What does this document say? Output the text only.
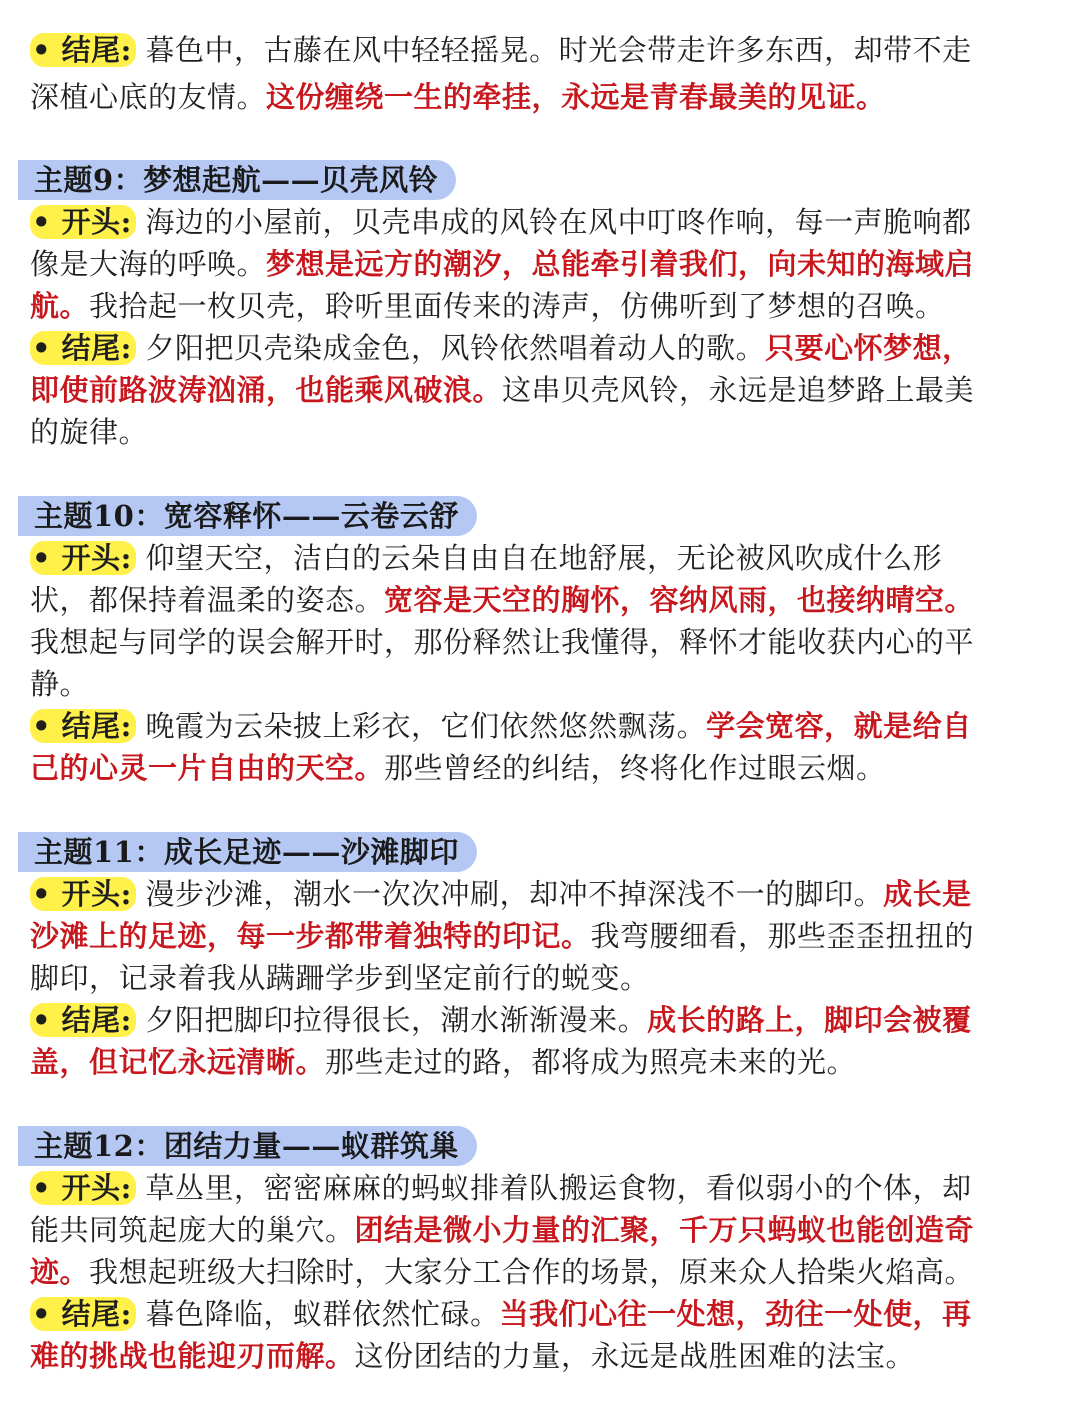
• 结尾: 暮色中，古藤在风中轻轻摇晃。时光会带走许多东西，却带不走
深植心底的友情。这份缠绕一生的牵挂，永远是青春最美的见证。
主题9：梦想起航——贝壳风铃
• 开头: 海边的小屋前，贝壳串成的风铃在风中叮咚作响，每一声脆响都
像是大海的呼唤。梦想是远方的潮汐，总能牵引着我们，向未知的海域启
航。我拾起一枚贝壳，聆听里面传来的涛声，仿佛听到了梦想的召唤。
• 结尾: 夕阳把贝壳染成金色，风铃依然唱着动人的歌。只要心怀梦想，
即使前路波涛汹涌，也能乘风破浪。这串贝壳风铃，永远是追梦路上最美
的旋律。
主题10：宽容释怀——云卷云舒
• 开头: 仰望天空，洁白的云朵自由自在地舒展，无论被风吹成什么形
状，都保持着温柔的姿态。宽容是天空的胸怀，容纳风雨，也接纳晴空。
我想起与同学的误会解开时，那份释然让我懂得，释怀才能收获内心的平
静。
• 结尾: 晚霞为云朵披上彩衣，它们依然悠然飘荡。学会宽容，就是给自
己的心灵一片自由的天空。那些曾经的纠结，终将化作过眼云烟。
主题11：成长足迹——沙滩脚印
• 开头: 漫步沙滩，潮水一次次冲刷，却冲不掉深浅不一的脚印。成长是
沙滩上的足迹，每一步都带着独特的印记。我弯腰细看，那些歪歪扭扭的
脚印，记录着我从蹒跚学步到坚定前行的蜕变。
• 结尾: 夕阳把脚印拉得很长，潮水渐渐漫来。成长的路上，脚印会被覆
盖，但记忆永远清晰。那些走过的路，都将成为照亮未来的光。
主题12：团结力量——蚁群筑巢
• 开头: 草丛里，密密麻麻的蚂蚁排着队搬运食物，看似弱小的个体，却
能共同筑起庞大的巢穴。团结是微小力量的汇聚，千万只蚂蚁也能创造奇
迹。我想起班级大扫除时，大家分工合作的场景，原来众人拾柴火焰高。
• 结尾: 暮色降临，蚁群依然忙碌。当我们心往一处想，劲往一处使，再
难的挑战也能迎刃而解。这份团结的力量，永远是战胜困难的法宝。
